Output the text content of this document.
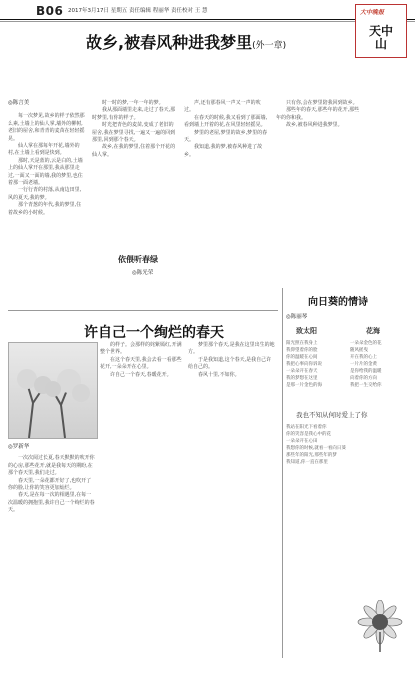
B06 2017年3月17日 星期五 责任编辑 程丽华 责任校对 王 慧	大中晚报
天中
山
故乡,被春风种进我梦里(外一章)
◎陈言美

每一次梦见,故乡的样子依然那么素,土墙上的仙人掌,墙外的柳树,老旧的屋舍,和青青的麦苗在轻轻摇晃。

仙人掌在那每年开花,墙外的村,在土墙上看到是快到。

那时,天是蓝的,云是白的,土墙上的仙人掌开在那里,我从那里走过,一面又一面的墙,我的梦里,也住着那一面老墙。

一行行青的村落,从南边田里,风的夏天,我的梦。

那个青葱的年代,我的梦里,住着故乡的小时候。

时一时的梦,一年一年的梦。

我从那面墙里走来,走过了春天,那时梦里,有你的样子。

时光把青色的麦苗,变成了老旧的屋舍,我在梦里寻找,一遍又一遍的回到那里,回到那个春天。

故乡,在我的梦里,住着那个开花的仙人掌。

声,还有那春风一声又一声的吹过。

在春天的时候,我又看到了那面墙,看到墙上开着的花,在风里轻轻摇晃。

梦里的老屋,梦里的故乡,梦里的春天。

我知道,我的梦,被春风种进了故乡。

只有你,会在梦里陪我回到故乡。

那些年的春天,那些年的花开,那些年的你和我。

故乡,被春风种进我梦里。

依偎听春绿
◎陈光荣
许自己一个绚烂的春天
◎罗新华

一次次阅过长夏,春天默默的吹开你的心房,那些花开,就是我每天的期盼,在那个春天里,我们走过。

春天里,一朵花都开好了,也吹开了你的脸,让你的笑容更加灿烂。

春天,是在每一次的相遇里,在每一次温暖的拥抱里,我许自己一个绚烂的春天。

的样子。会那样的姹紫嫣红,开满整个世界。

在这个春天里,我会去看一看那些花开,一朵朵开在心里。

许自己一个春天,春暖花开。

梦里那个春天,是我在这里出生的地方。

于是我知道,这个春天,是我自己许给自己的。

春风十里,不如你。

向日葵的情诗
◎陈丽琴
致太阳	花海
阳光照在我身上
我仰望着你的脸
你的温暖在心间
我把心事向你诉说
一朵朵开在春天
我的梦想在这里
是那一片金色的海
一朵朵金色的花
随风摇曳
开在我的心上
一片片的金黄
是你给我的温暖
向着你的方向
我把一生交给你
我也不知从何时爱上了你
我站在阳光下看着你
你的笑容是我心中的花
一朵朵开在心田
我想你的时候,就看一看向日葵
那些年的阳光,那些年的梦
我知道,你一直在那里
